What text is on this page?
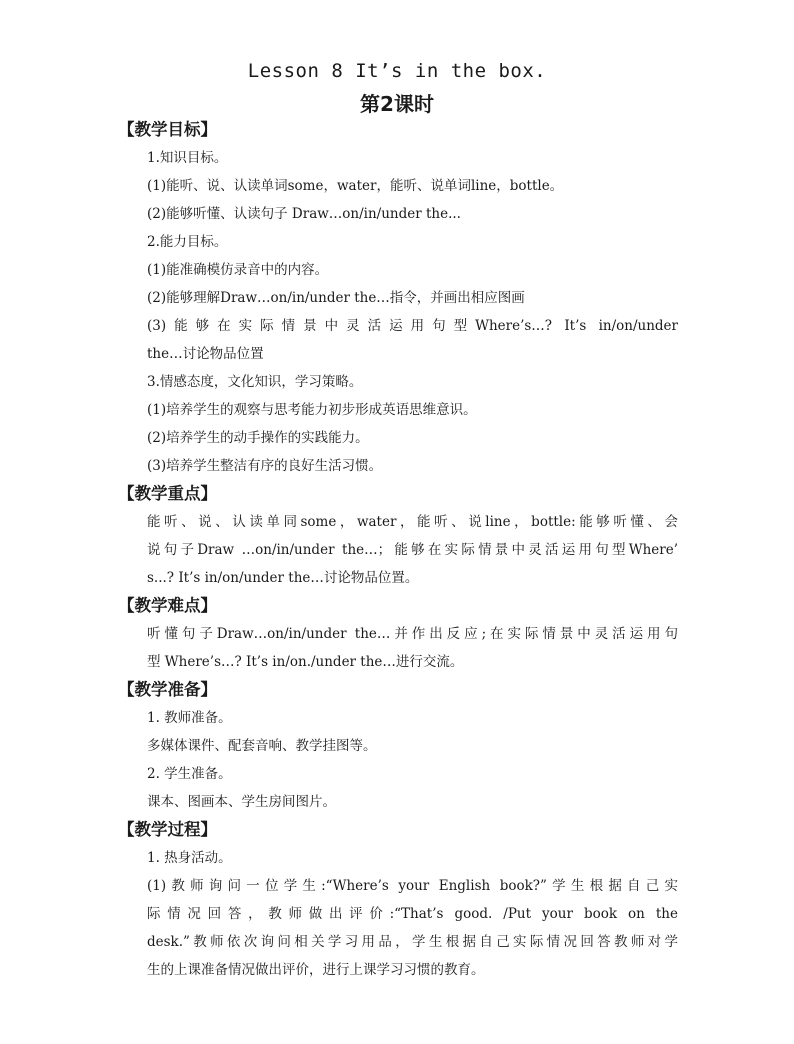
Lesson 8 It’s in the box.
第2课时
【教学目标】
1.知识目标。
(1)能听、说、认读单词some，water，能听、说单词line，bottle。
(2)能够听懂、认读句子 Draw…on/in/under the...
2.能力目标。
(1)能准确模仿录音中的内容。
(2)能够理解Draw…on/in/under the…指令，并画出相应图画
(3)能够在实际情景中灵活运用句型Where’s…? It’s in/on/under
the…讨论物品位置
3.情感态度，文化知识，学习策略。
(1)培养学生的观察与思考能力初步形成英语思维意识。
(2)培养学生的动手操作的实践能力。
(3)培养学生整洁有序的良好生活习惯。
【教学重点】
能听、说、认读单同some，water，能听、说line，bottle:能够听懂、会
说句子Draw …on/in/under the…；能够在实际情景中灵活运用句型Where’
s...? It’s in/on/under the…讨论物品位置。
【教学难点】
听懂句子Draw…on/in/under the…并作出反应;在实际情景中灵活运用句
型 Where’s…? It’s in/on./under the…进行交流。
【教学准备】
1. 教师准备。
多媒体课件、配套音响、教学挂图等。
2. 学生准备。
课本、图画本、学生房间图片。
【教学过程】
1. 热身活动。
(1)教师询问一位学生:“Where’s your English book?”学生根据自己实
际情况回答，教师做出评价:“That’s good. /Put your book on the
desk.”教师依次询问相关学习用品，学生根据自己实际情况回答教师对学
生的上课准备情况做出评价，进行上课学习习惯的教育。
